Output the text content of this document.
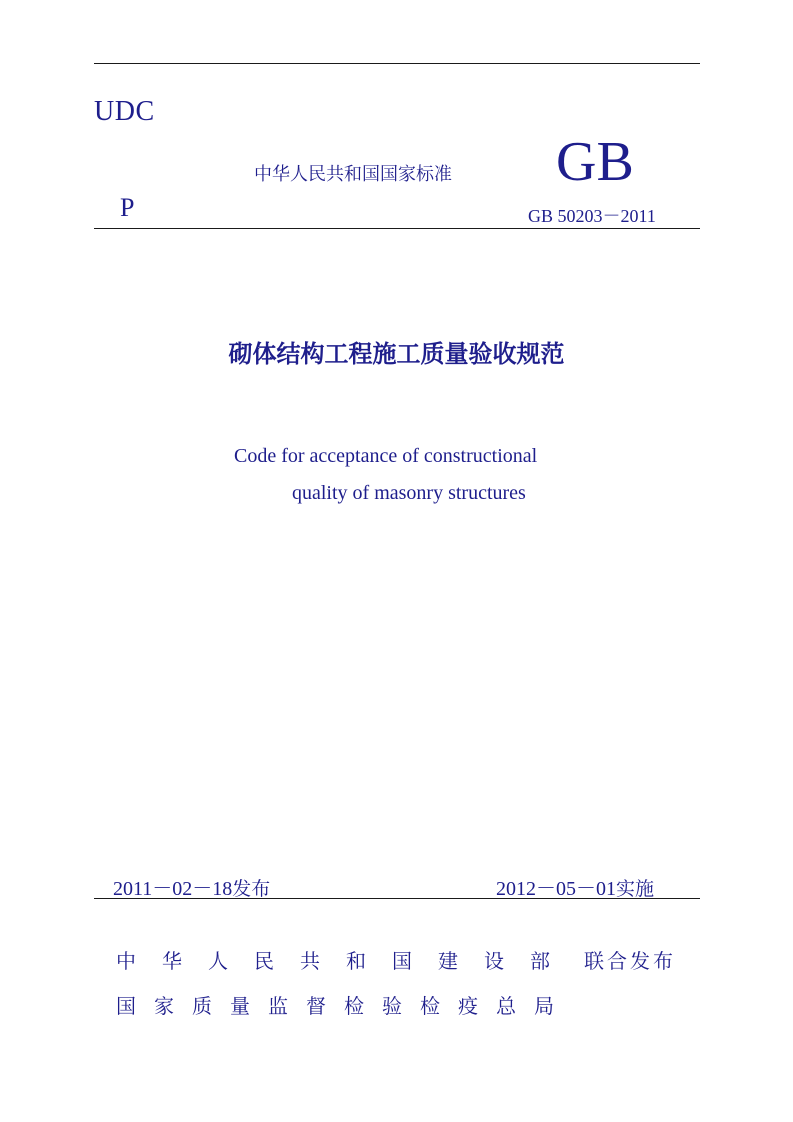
UDC
中华人民共和国国家标准 GB
P	GB 50203－2011
砌体结构工程施工质量验收规范
Code for acceptance of constructional
quality of masonry structures
2011－02－18发布	2012－05－01实施
中	华	人	民	共	和	国	建	设	部	联合发布
国 家 质 量 监 督 检 验 检 疫 总 局
